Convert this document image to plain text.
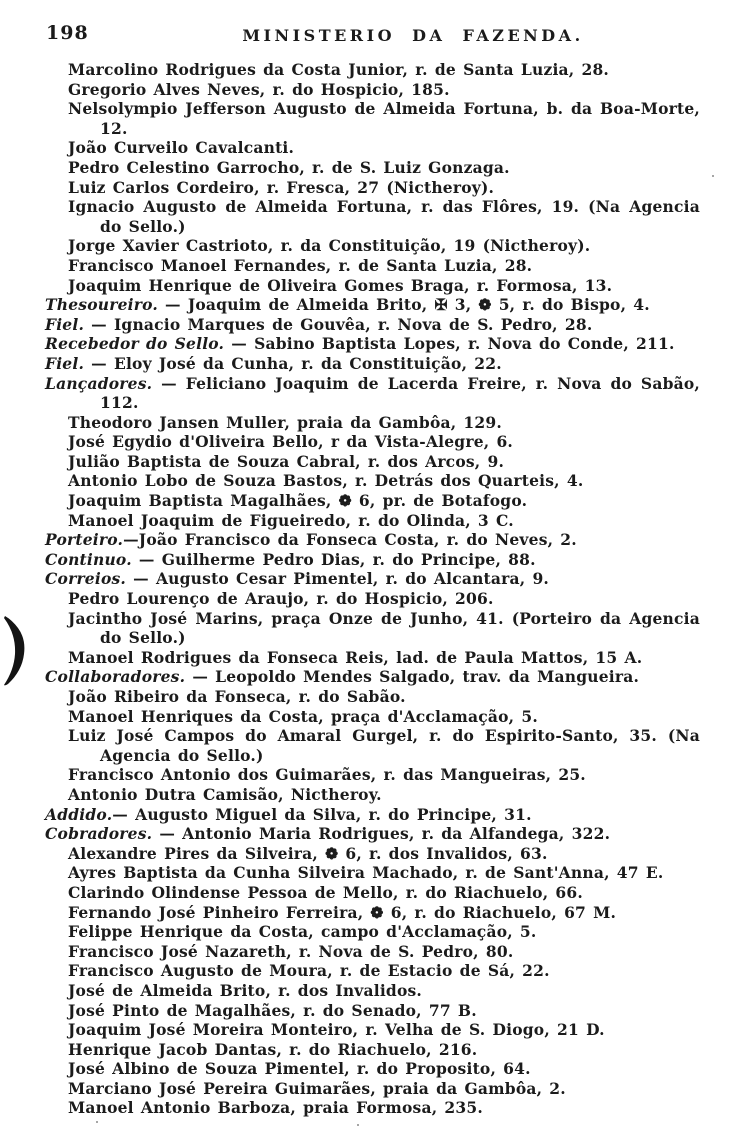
198	MINISTERIO DA FAZENDA.

Marcolino Rodrigues da Costa Junior, r. de Santa Luzia, 28.

Gregorio Alves Neves, r. do Hospicio, 185.

Nelsolympio Jefferson Augusto de Almeida Fortuna, b. da Boa-Morte, 12.

João Curveilo Cavalcanti.

Pedro Celestino Garrocho, r. de S. Luiz Gonzaga.

Luiz Carlos Cordeiro, r. Fresca, 27 (Nictheroy).

Ignacio Augusto de Almeida Fortuna, r. das Flôres, 19. (Na Agencia do Sello.)

Jorge Xavier Castrioto, r. da Constituição, 19 (Nictheroy).

Francisco Manoel Fernandes, r. de Santa Luzia, 28.

Joaquim Henrique de Oliveira Gomes Braga, r. Formosa, 13.

Thesoureiro. — Joaquim de Almeida Brito, ✠ 3, ❁ 5, r. do Bispo, 4.

Fiel. — Ignacio Marques de Gouvêa, r. Nova de S. Pedro, 28.

Recebedor do Sello. — Sabino Baptista Lopes, r. Nova do Conde, 211.

Fiel. — Eloy José da Cunha, r. da Constituição, 22.

Lançadores. — Feliciano Joaquim de Lacerda Freire, r. Nova do Sabão, 112.

Theodoro Jansen Muller, praia da Gambôa, 129.

José Egydio d'Oliveira Bello, r da Vista-Alegre, 6.

Julião Baptista de Souza Cabral, r. dos Arcos, 9.

Antonio Lobo de Souza Bastos, r. Detrás dos Quarteis, 4.

Joaquim Baptista Magalhães, ❁ 6, pr. de Botafogo.

Manoel Joaquim de Figueiredo, r. do Olinda, 3 C.

Porteiro.—João Francisco da Fonseca Costa, r. do Neves, 2.

Continuo. — Guilherme Pedro Dias, r. do Principe, 88.

Correios. — Augusto Cesar Pimentel, r. do Alcantara, 9.

Pedro Lourenço de Araujo, r. do Hospicio, 206.

Jacintho José Marins, praça Onze de Junho, 41. (Porteiro da Agencia do Sello.)

Manoel Rodrigues da Fonseca Reis, lad. de Paula Mattos, 15 A.

Collaboradores. — Leopoldo Mendes Salgado, trav. da Mangueira.

João Ribeiro da Fonseca, r. do Sabão.

Manoel Henriques da Costa, praça d'Acclamação, 5.

Luiz José Campos do Amaral Gurgel, r. do Espirito-Santo, 35. (Na Agencia do Sello.)

Francisco Antonio dos Guimarães, r. das Mangueiras, 25.

Antonio Dutra Camisão, Nictheroy.

Addido.— Augusto Miguel da Silva, r. do Principe, 31.

Cobradores. — Antonio Maria Rodrigues, r. da Alfandega, 322.

Alexandre Pires da Silveira, ❁ 6, r. dos Invalidos, 63.

Ayres Baptista da Cunha Silveira Machado, r. de Sant'Anna, 47 E.

Clarindo Olindense Pessoa de Mello, r. do Riachuelo, 66.

Fernando José Pinheiro Ferreira, ❁ 6, r. do Riachuelo, 67 M.

Felippe Henrique da Costa, campo d'Acclamação, 5.

Francisco José Nazareth, r. Nova de S. Pedro, 80.

Francisco Augusto de Moura, r. de Estacio de Sá, 22.

José de Almeida Brito, r. dos Invalidos.

José Pinto de Magalhães, r. do Senado, 77 B.

Joaquim José Moreira Monteiro, r. Velha de S. Diogo, 21 D.

Henrique Jacob Dantas, r. do Riachuelo, 216.

José Albino de Souza Pimentel, r. do Proposito, 64.

Marciano José Pereira Guimarães, praia da Gambôa, 2.

Manoel Antonio Barboza, praia Formosa, 235.
